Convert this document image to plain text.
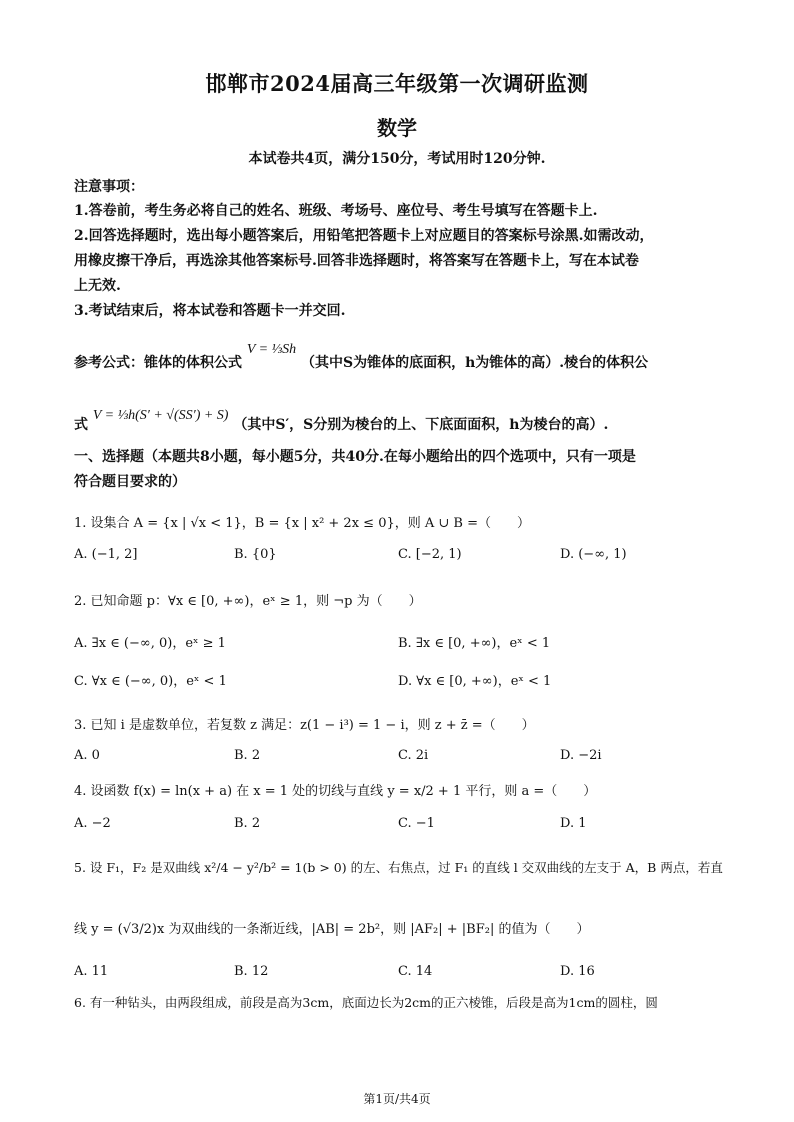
邯郸市2024届高三年级第一次调研监测
数学
本试卷共4页，满分150分，考试用时120分钟.
注意事项：
1.答卷前，考生务必将自己的姓名、班级、考场号、座位号、考生号填写在答题卡上.
2.回答选择题时，选出每小题答案后，用铅笔把答题卡上对应题目的答案标号涂黑.如需改动，
用橡皮擦干净后，再选涂其他答案标号.回答非选择题时，将答案写在答题卡上，写在本试卷
上无效.
3.考试结束后，将本试卷和答题卡一并交回.
参考公式：锥体的体积公式 V = ⅓Sh （其中S为锥体的底面积，h为锥体的高）.棱台的体积公
式 V = ⅓h(S′ + √(SS′) + S) （其中S′，S分别为棱台的上、下底面面积，h为棱台的高）.
一、选择题（本题共8小题，每小题5分，共40分.在每小题给出的四个选项中，只有一项是
符合题目要求的）
1. 设集合 A = {x | √x < 1}，B = {x | x² + 2x ≤ 0}，则 A ∪ B =（　　）
A. (−1, 2]	B. {0}	C. [−2, 1)	D. (−∞, 1)
2. 已知命题 p：∀x ∈ [0, +∞)，eˣ ≥ 1，则 ¬p 为（　　）
A. ∃x ∈ (−∞, 0)，eˣ ≥ 1	B. ∃x ∈ [0, +∞)，eˣ < 1
C. ∀x ∈ (−∞, 0)，eˣ < 1	D. ∀x ∈ [0, +∞)，eˣ < 1
3. 已知 i 是虚数单位，若复数 z 满足：z(1 − i³) = 1 − i，则 z + z̄ =（　　）
A. 0	B. 2	C. 2i	D. −2i
4. 设函数 f(x) = ln(x + a) 在 x = 1 处的切线与直线 y = x/2 + 1 平行，则 a =（　　）
A. −2	B. 2	C. −1	D. 1
5. 设 F₁，F₂ 是双曲线 x²/4 − y²/b² = 1(b > 0) 的左、右焦点，过 F₁ 的直线 l 交双曲线的左支于 A，B 两点，若直
线 y = (√3/2)x 为双曲线的一条渐近线，|AB| = 2b²，则 |AF₂| + |BF₂| 的值为（　　）
A. 11	B. 12	C. 14	D. 16
6. 有一种钻头，由两段组成，前段是高为3cm，底面边长为2cm的正六棱锥，后段是高为1cm的圆柱，圆
第1页/共4页
